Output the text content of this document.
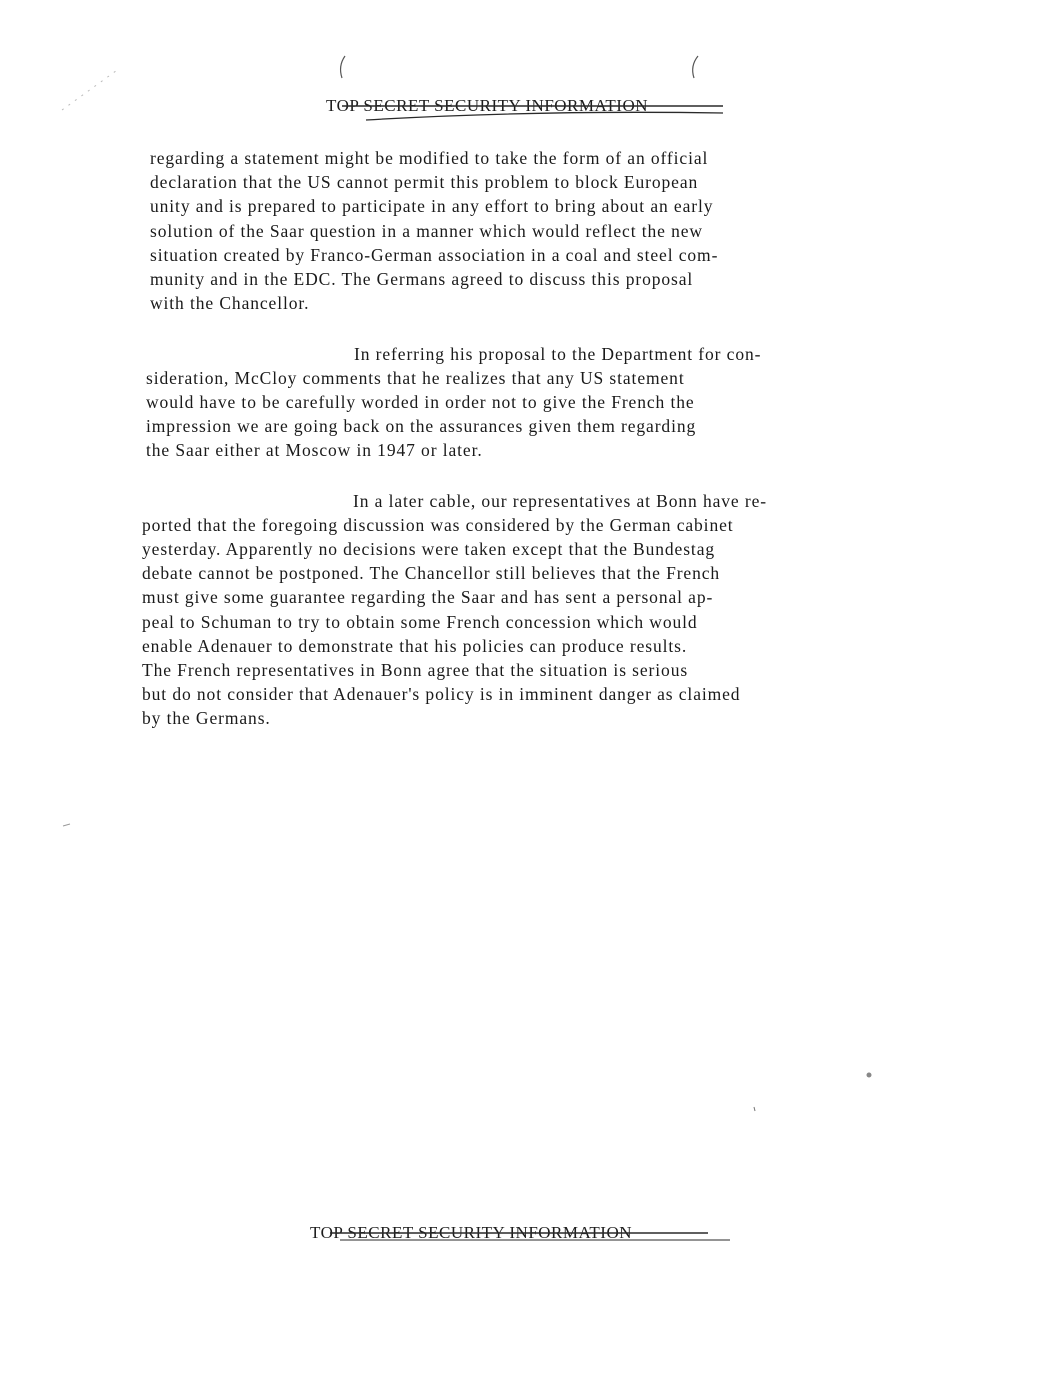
TOP SECRET SECURITY INFORMATION
regarding a statement might be modified to take the form of an official
declaration that the US cannot permit this problem to block European
unity and is prepared to participate in any effort to bring about an early
solution of the Saar question in a manner which would reflect the new
situation created by Franco-German association in a coal and steel com-
munity and in the EDC. The Germans agreed to discuss this proposal
with the Chancellor.
In referring his proposal to the Department for con-
sideration, McCloy comments that he realizes that any US statement
would have to be carefully worded in order not to give the French the
impression we are going back on the assurances given them regarding
the Saar either at Moscow in 1947 or later.
In a later cable, our representatives at Bonn have re-
ported that the foregoing discussion was considered by the German cabinet
yesterday. Apparently no decisions were taken except that the Bundestag
debate cannot be postponed. The Chancellor still believes that the French
must give some guarantee regarding the Saar and has sent a personal ap-
peal to Schuman to try to obtain some French concession which would
enable Adenauer to demonstrate that his policies can produce results.
The French representatives in Bonn agree that the situation is serious
but do not consider that Adenauer's policy is in imminent danger as claimed
by the Germans.
TOP SECRET SECURITY INFORMATION
